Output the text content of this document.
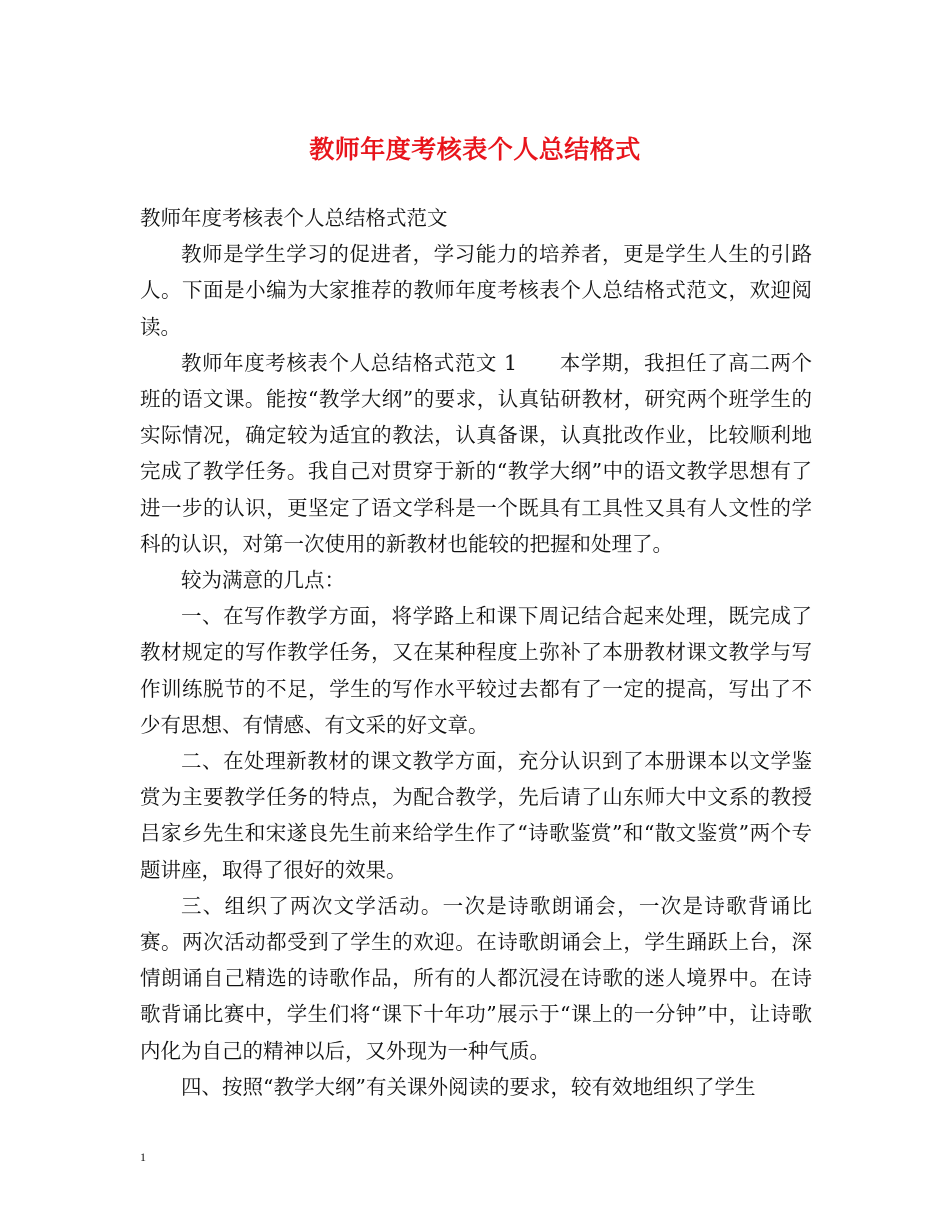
教师年度考核表个人总结格式

教师年度考核表个人总结格式范文

教师是学生学习的促进者，学习能力的培养者，更是学生人生的引路人。下面是小编为大家推荐的教师年度考核表个人总结格式范文，欢迎阅读。

教师年度考核表个人总结格式范文 1　　本学期，我担任了高二两个班的语文课。能按“教学大纲”的要求，认真钻研教材，研究两个班学生的实际情况，确定较为适宜的教法，认真备课，认真批改作业，比较顺利地完成了教学任务。我自己对贯穿于新的“教学大纲”中的语文教学思想有了进一步的认识，更坚定了语文学科是一个既具有工具性又具有人文性的学科的认识，对第一次使用的新教材也能较的把握和处理了。

较为满意的几点：

一、在写作教学方面，将学路上和课下周记结合起来处理，既完成了教材规定的写作教学任务，又在某种程度上弥补了本册教材课文教学与写作训练脱节的不足，学生的写作水平较过去都有了一定的提高，写出了不少有思想、有情感、有文采的好文章。

二、在处理新教材的课文教学方面，充分认识到了本册课本以文学鉴赏为主要教学任务的特点，为配合教学，先后请了山东师大中文系的教授吕家乡先生和宋遂良先生前来给学生作了“诗歌鉴赏”和“散文鉴赏”两个专题讲座，取得了很好的效果。

三、组织了两次文学活动。一次是诗歌朗诵会，一次是诗歌背诵比赛。两次活动都受到了学生的欢迎。在诗歌朗诵会上，学生踊跃上台，深情朗诵自己精选的诗歌作品，所有的人都沉浸在诗歌的迷人境界中。在诗歌背诵比赛中，学生们将“课下十年功”展示于“课上的一分钟”中，让诗歌内化为自己的精神以后，又外现为一种气质。

四、按照“教学大纲”有关课外阅读的要求，较有效地组织了学生

1
